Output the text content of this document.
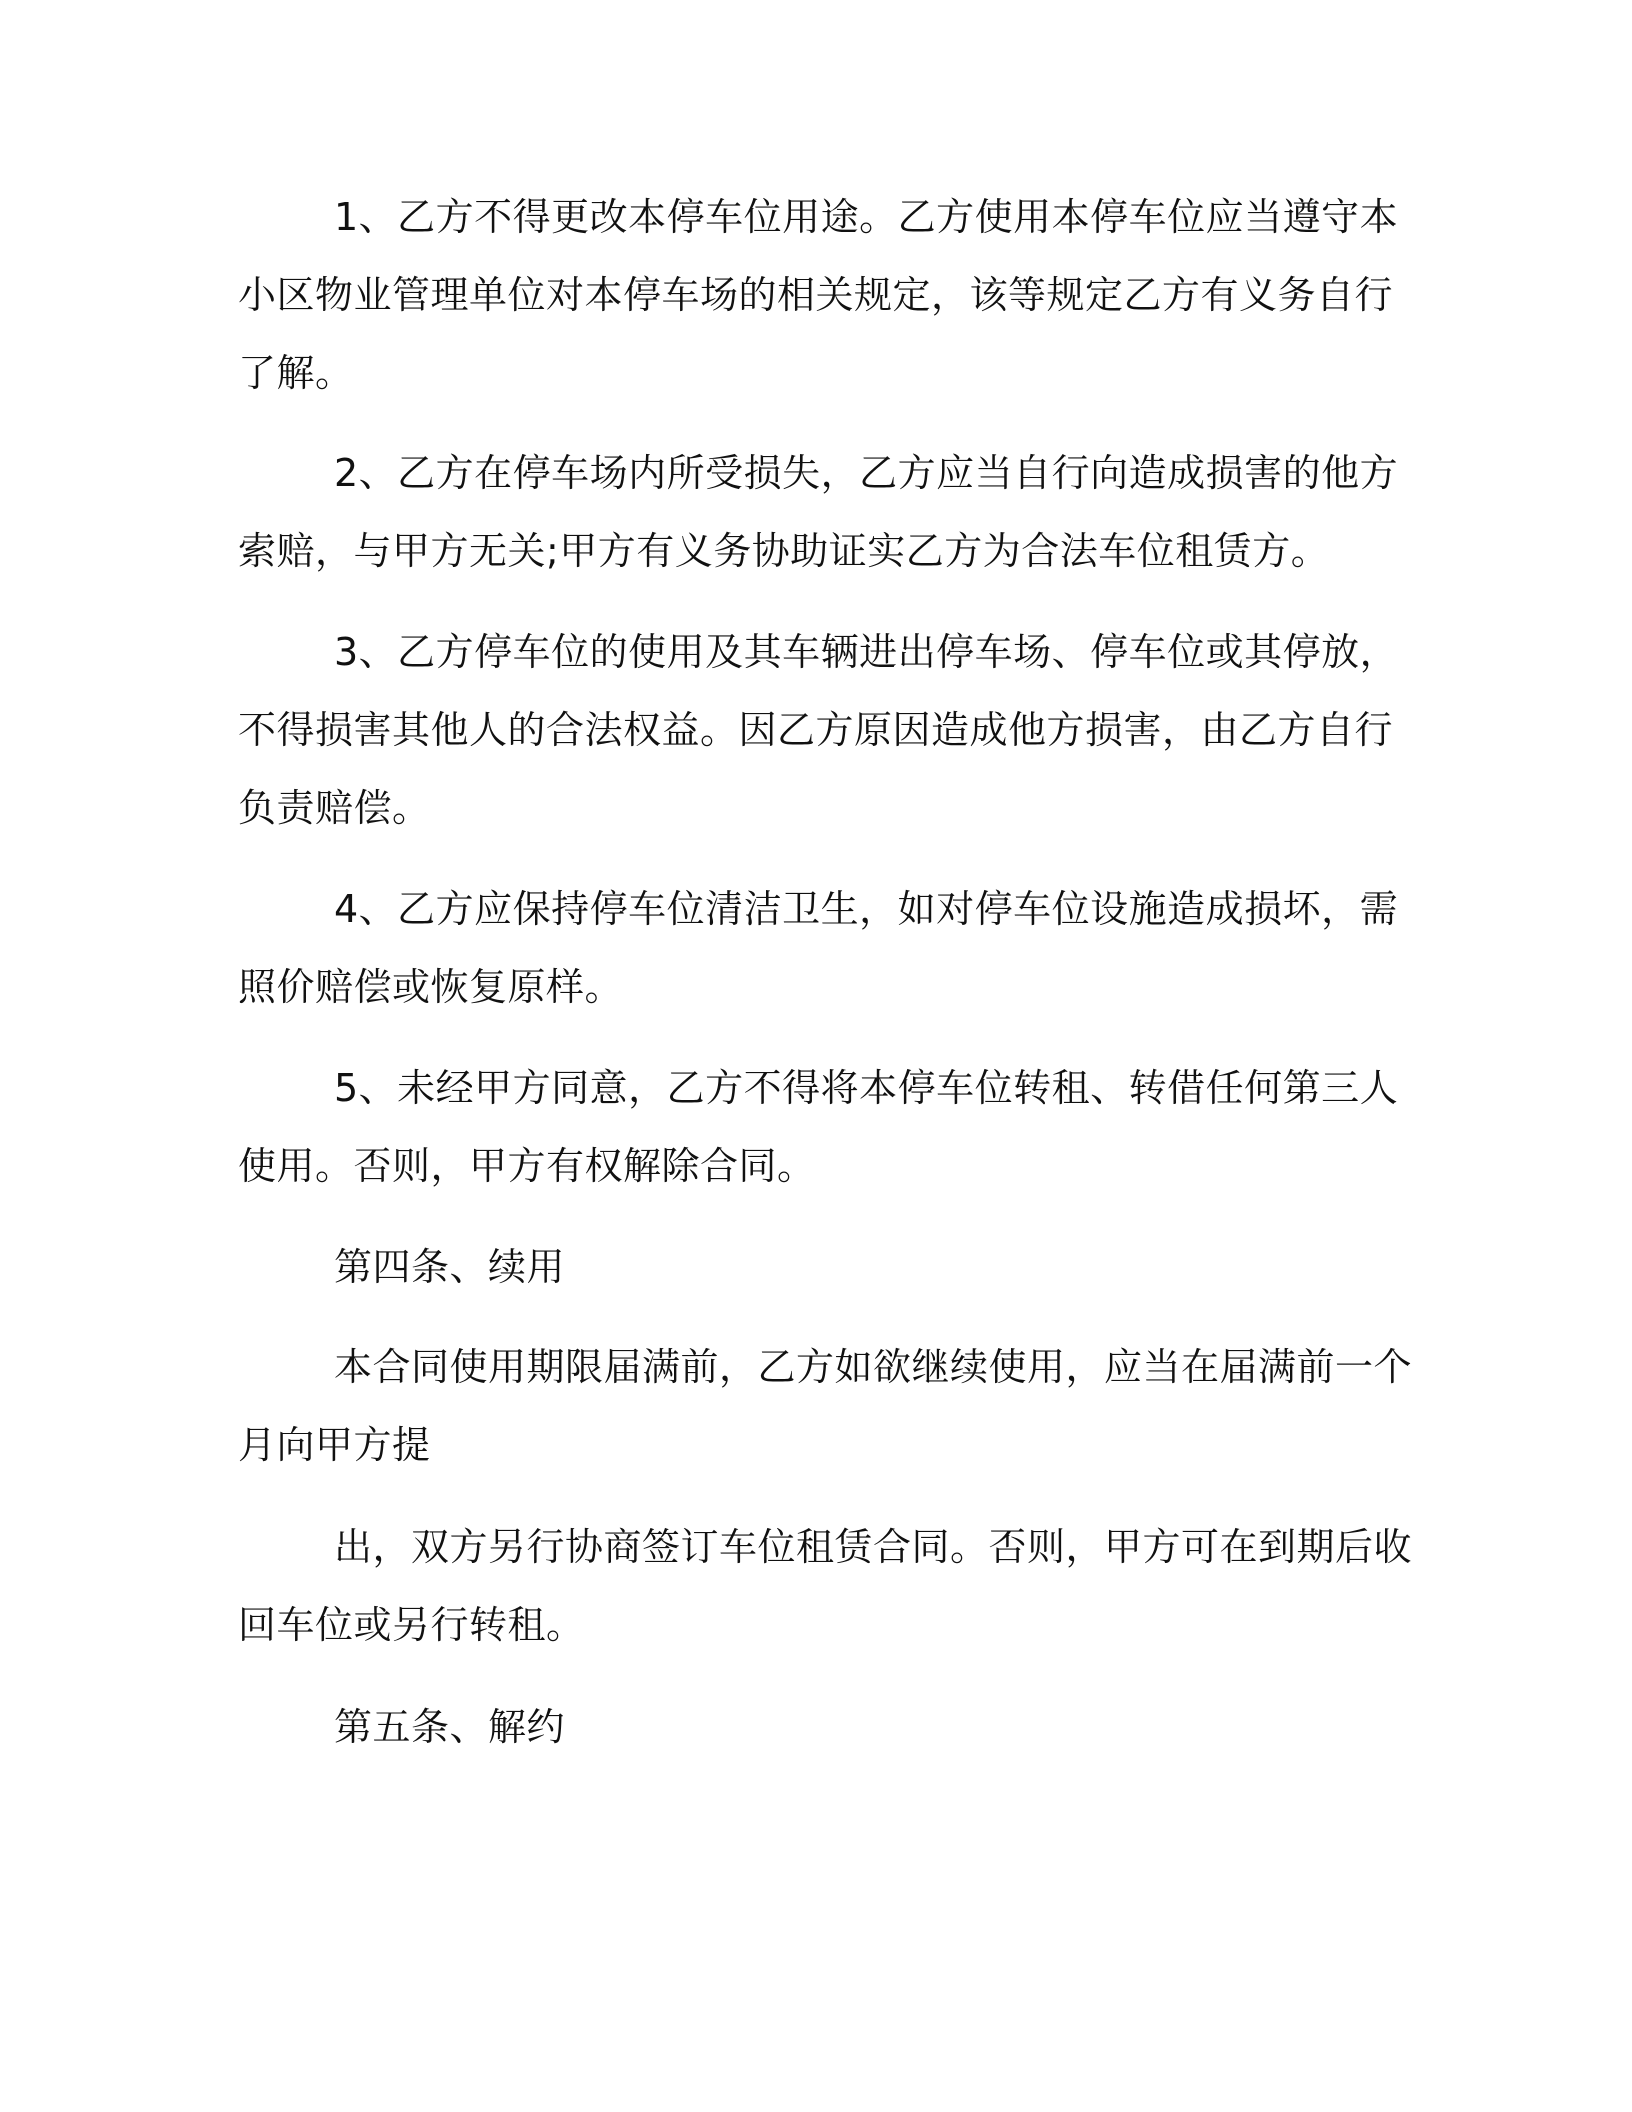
1、乙方不得更改本停车位用途。乙方使用本停车位应当遵守本
小区物业管理单位对本停车场的相关规定，该等规定乙方有义务自行
了解。

2、乙方在停车场内所受损失，乙方应当自行向造成损害的他方
索赔，与甲方无关;甲方有义务协助证实乙方为合法车位租赁方。

3、乙方停车位的使用及其车辆进出停车场、停车位或其停放，
不得损害其他人的合法权益。因乙方原因造成他方损害，由乙方自行
负责赔偿。

4、乙方应保持停车位清洁卫生，如对停车位设施造成损坏，需
照价赔偿或恢复原样。

5、未经甲方同意，乙方不得将本停车位转租、转借任何第三人
使用。否则，甲方有权解除合同。

第四条、续用

本合同使用期限届满前，乙方如欲继续使用，应当在届满前一个
月向甲方提

出，双方另行协商签订车位租赁合同。否则，甲方可在到期后收
回车位或另行转租。

第五条、解约
